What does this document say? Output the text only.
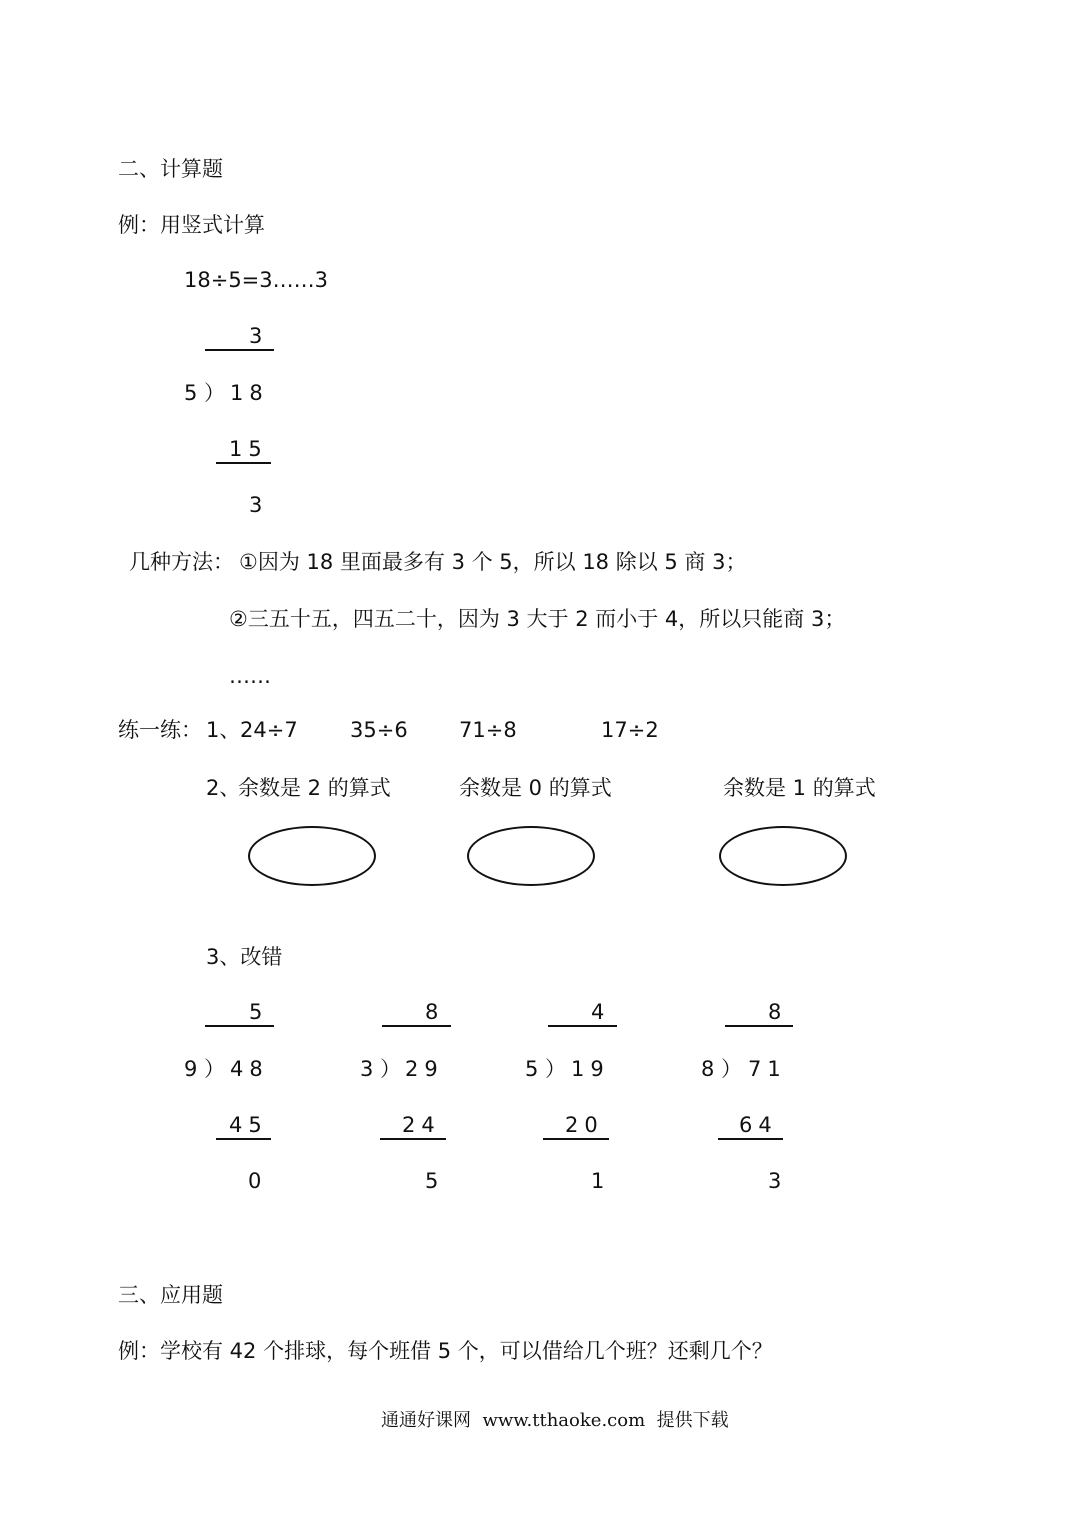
二、计算题
例：用竖式计算
18÷5=3……3
3
5 ） 18
15
3
几种方法： ①因为 18 里面最多有 3 个 5，所以 18 除以 5 商 3；
②三五十五，四五二十，因为 3 大于 2 而小于 4，所以只能商 3；
……
练一练： 1、 24÷7 35÷6 71÷8	17÷2
2、
余数是 2 的算式	余数是 0 的算式	余数是 1 的算式
3、改错
5
9 ） 48
45
0
8
3 ） 29
24
5
4
5 ） 19
20
1
8
8 ） 71
64
3
三、应用题
例：学校有 42 个排球，每个班借 5 个，可以借给几个班？还剩几个？
通通好课网  www.tthaoke.com  提供下载
